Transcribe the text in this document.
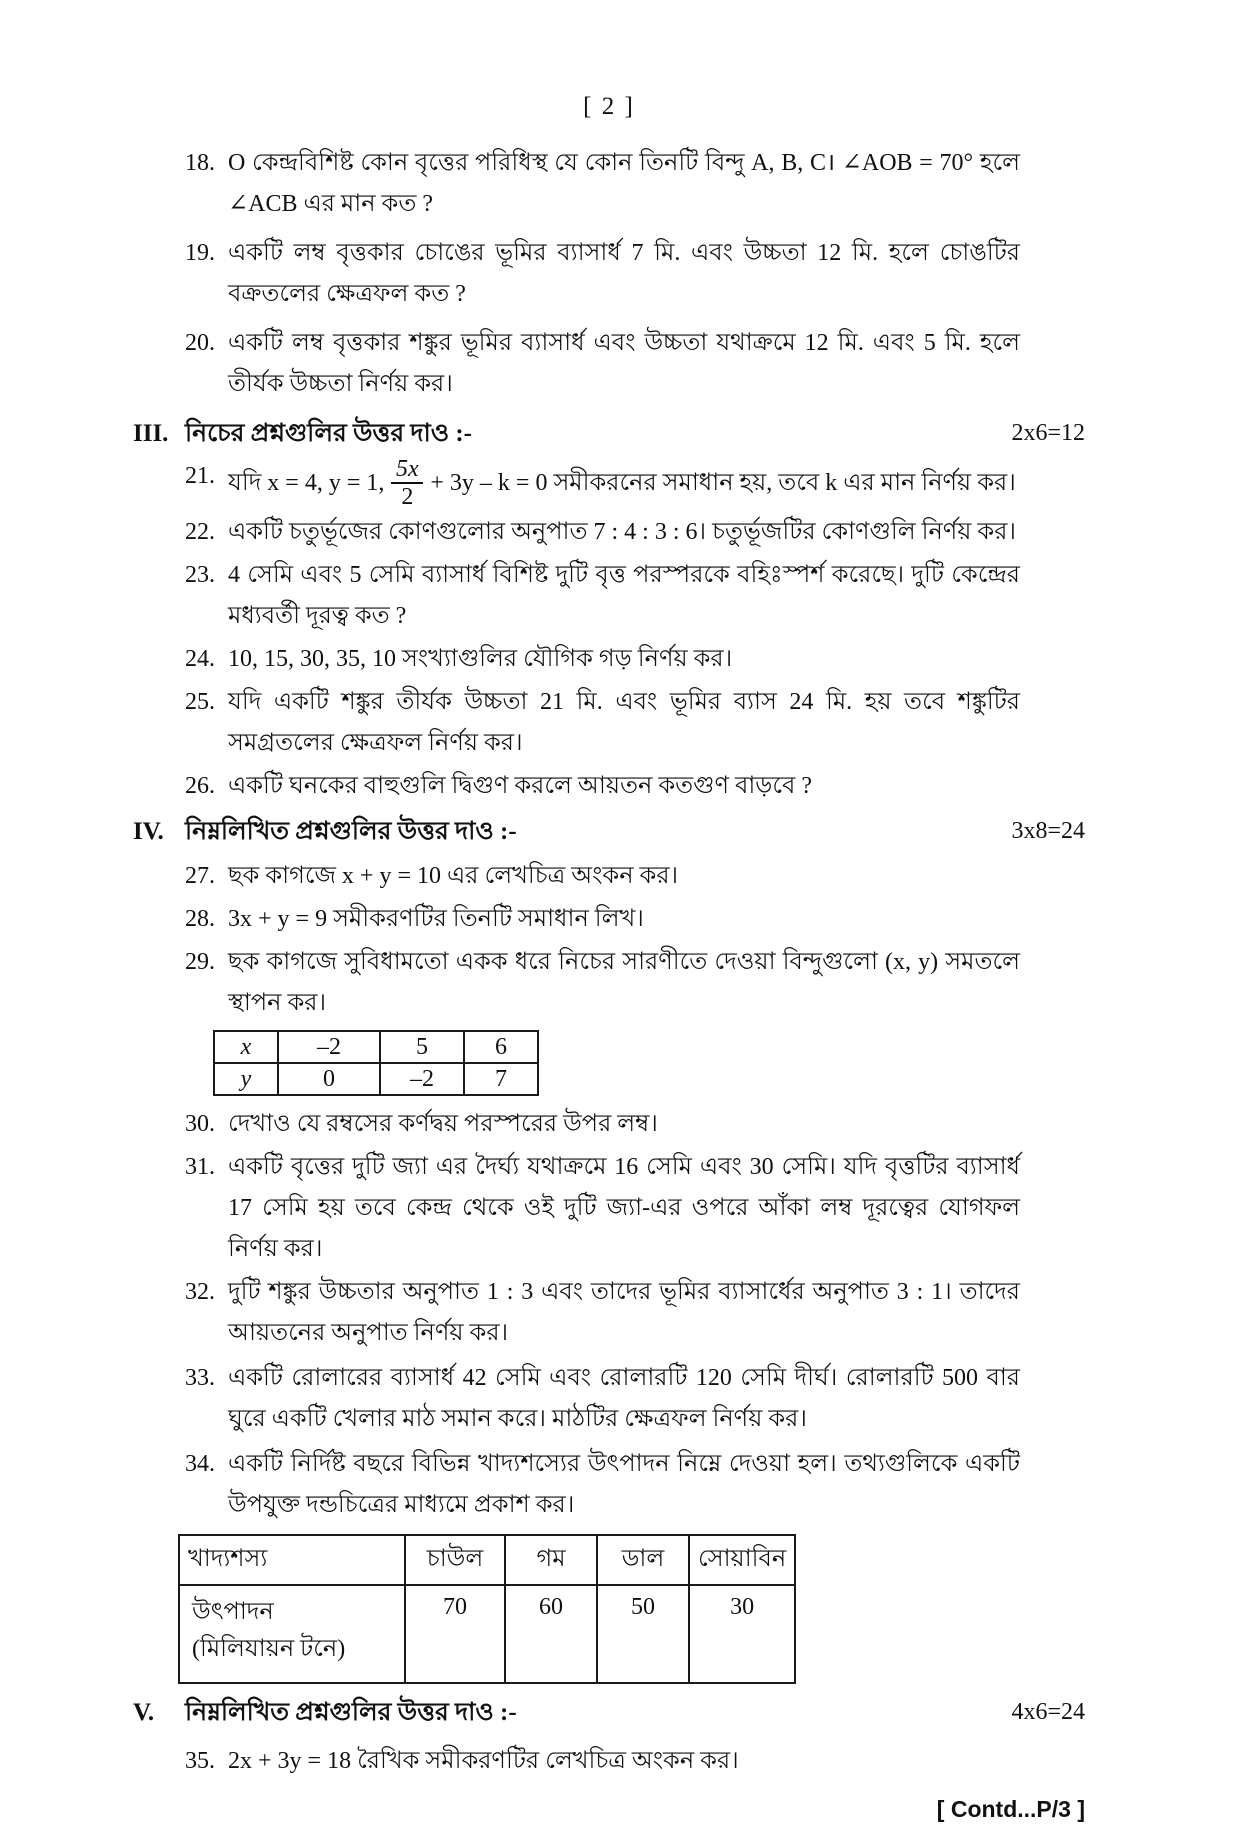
[ 2 ]
18. O কেন্দ্রবিশিষ্ট কোন বৃত্তের পরিধিস্থ যে কোন তিনটি বিন্দু A, B, C। ∠AOB = 70° হলে ∠ACB এর মান কত ?
19. একটি লম্ব বৃত্তকার চোঙের ভূমির ব্যাসার্ধ 7 মি. এবং উচ্চতা 12 মি. হলে চোঙটির বক্রতলের ক্ষেত্রফল কত ?
20. একটি লম্ব বৃত্তকার শঙ্কুর ভূমির ব্যাসার্ধ এবং উচ্চতা যথাক্রমে 12 মি. এবং 5 মি. হলে তীর্যক উচ্চতা নির্ণয় কর।
III. নিচের প্রশ্নগুলির উত্তর দাও :-	2x6=12
21. যদি x = 4, y = 1, $\frac{5x}{2} + 3y - k = 0$ সমীকরনের সমাধান হয়, তবে k এর মান নির্ণয় কর।
22. একটি চতুর্ভূজের কোণগুলোর অনুপাত 7 : 4 : 3 : 6। চতুর্ভূজটির কোণগুলি নির্ণয় কর।
23. 4 সেমি এবং 5 সেমি ব্যাসার্ধ বিশিষ্ট দুটি বৃত্ত পরস্পরকে বহিঃস্পর্শ করেছে। দুটি কেন্দ্রের মধ্যবর্তী দূরত্ব কত ?
24. 10, 15, 30, 35, 10 সংখ্যাগুলির যৌগিক গড় নির্ণয় কর।
25. যদি একটি শঙ্কুর তীর্যক উচ্চতা 21 মি. এবং ভূমির ব্যাস 24 মি. হয় তবে শঙ্কুটির সমগ্রতলের ক্ষেত্রফল নির্ণয় কর।
26. একটি ঘনকের বাহুগুলি দ্বিগুণ করলে আয়তন কতগুণ বাড়বে ?
IV. নিম্নলিখিত প্রশ্নগুলির উত্তর দাও :-	3x8=24
27. ছক কাগজে x + y = 10 এর লেখচিত্র অংকন কর।
28. 3x + y = 9 সমীকরণটির তিনটি সমাধান লিখ।
29. ছক কাগজে সুবিধামতো একক ধরে নিচের সারণীতে দেওয়া বিন্দুগুলো (x, y) সমতলে স্থাপন কর।
x	–2	5	6
y	0	–2	7
30. দেখাও যে রম্বসের কর্ণদ্বয় পরস্পরের উপর লম্ব।
31. একটি বৃত্তের দুটি জ্যা এর দৈর্ঘ্য যথাক্রমে 16 সেমি এবং 30 সেমি। যদি বৃত্তটির ব্যাসার্ধ 17 সেমি হয় তবে কেন্দ্র থেকে ওই দুটি জ্যা-এর ওপরে আঁকা লম্ব দূরত্বের যোগফল নির্ণয় কর।
32. দুটি শঙ্কুর উচ্চতার অনুপাত 1 : 3 এবং তাদের ভূমির ব্যাসার্ধের অনুপাত 3 : 1। তাদের আয়তনের অনুপাত নির্ণয় কর।
33. একটি রোলারের ব্যাসার্ধ 42 সেমি এবং রোলারটি 120 সেমি দীর্ঘ। রোলারটি 500 বার ঘুরে একটি খেলার মাঠ সমান করে। মাঠটির ক্ষেত্রফল নির্ণয় কর।
34. একটি নির্দিষ্ট বছরে বিভিন্ন খাদ্যশস্যের উৎপাদন নিম্নে দেওয়া হল। তথ্যগুলিকে একটি উপযুক্ত দন্ডচিত্রের মাধ্যমে প্রকাশ কর।
খাদ্যশস্য	চাউল	গম	ডাল	সোয়াবিন
উৎপাদন
(মিলিযায়ন টনে)	70	60	50	30
V.	নিম্নলিখিত প্রশ্নগুলির উত্তর দাও :-	4x6=24
35. 2x + 3y = 18 রৈখিক সমীকরণটির লেখচিত্র অংকন কর।
[ Contd...P/3 ]
